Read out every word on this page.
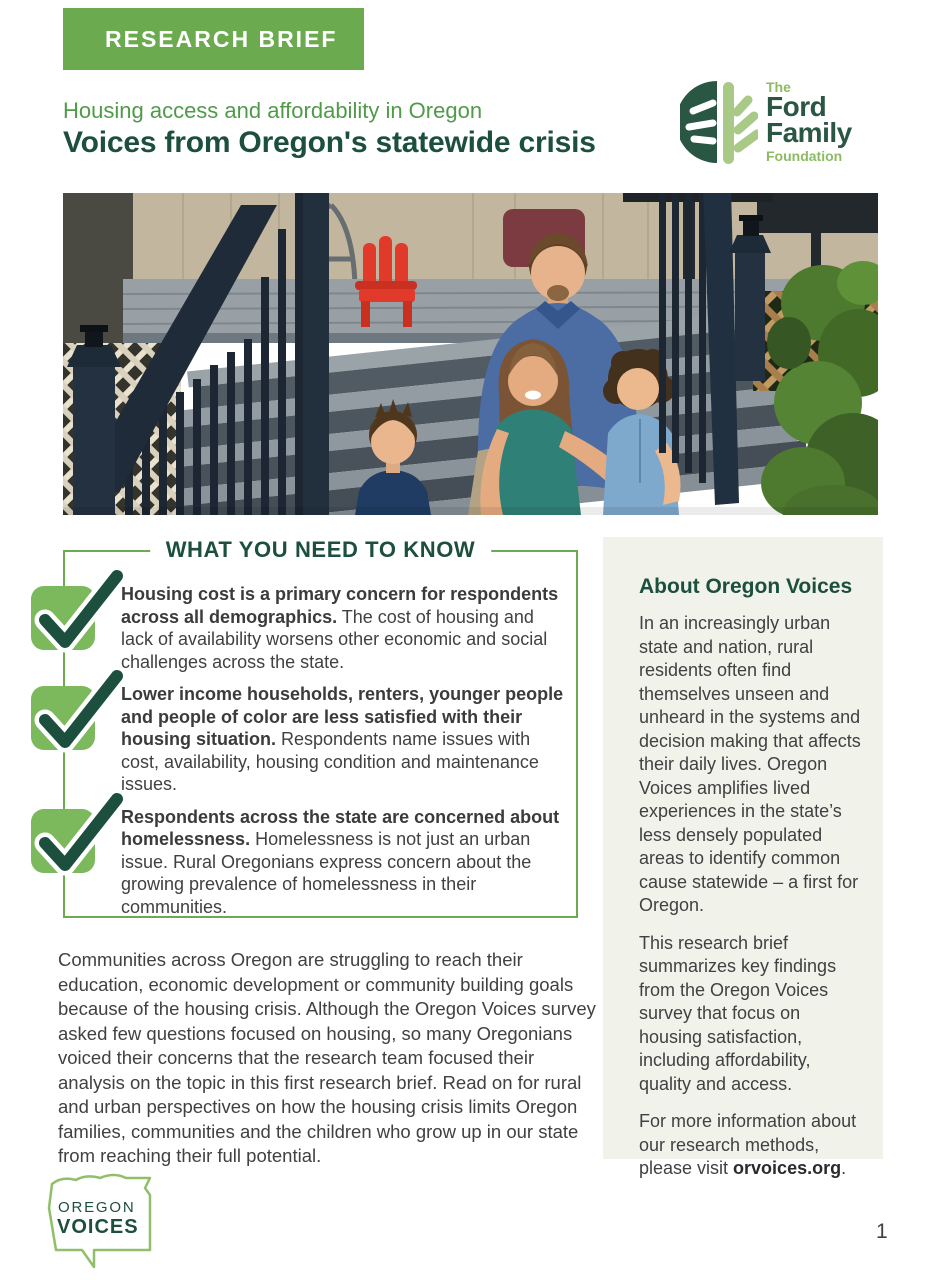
RESEARCH BRIEF
Housing access and affordability in Oregon
Voices from Oregon's statewide crisis
The
Ford
Family
Foundation
WHAT YOU NEED TO KNOW
Housing cost is a primary concern for respondents across all demographics. The cost of housing and lack of availability worsens other economic and social challenges across the state.
Lower income households, renters, younger people and people of color are less satisfied with their housing situation. Respondents name issues with cost, availability, housing condition and maintenance issues.
Respondents across the state are concerned about homelessness. Homelessness is not just an urban issue. Rural Oregonians express concern about the growing prevalence of homelessness in their communities.
About Oregon Voices

In an increasingly urban state and nation, rural residents often find themselves unseen and unheard in the systems and decision making that affects their daily lives. Oregon Voices amplifies lived experiences in the state’s less densely populated areas to identify common cause statewide – a first for Oregon.

This research brief summarizes key findings from the Oregon Voices survey that focus on housing satisfaction, including affordability, quality and access.

For more information about our research methods, please visit orvoices.org.

Communities across Oregon are struggling to reach their education, economic development or community building goals because of the housing crisis. Although the Oregon Voices survey asked few questions focused on housing, so many Oregonians voiced their concerns that the research team focused their analysis on the topic in this first research brief. Read on for rural and urban perspectives on how the housing crisis limits Oregon families, communities and the children who grow up in our state from reaching their full potential.
OREGON
VOICES	1
